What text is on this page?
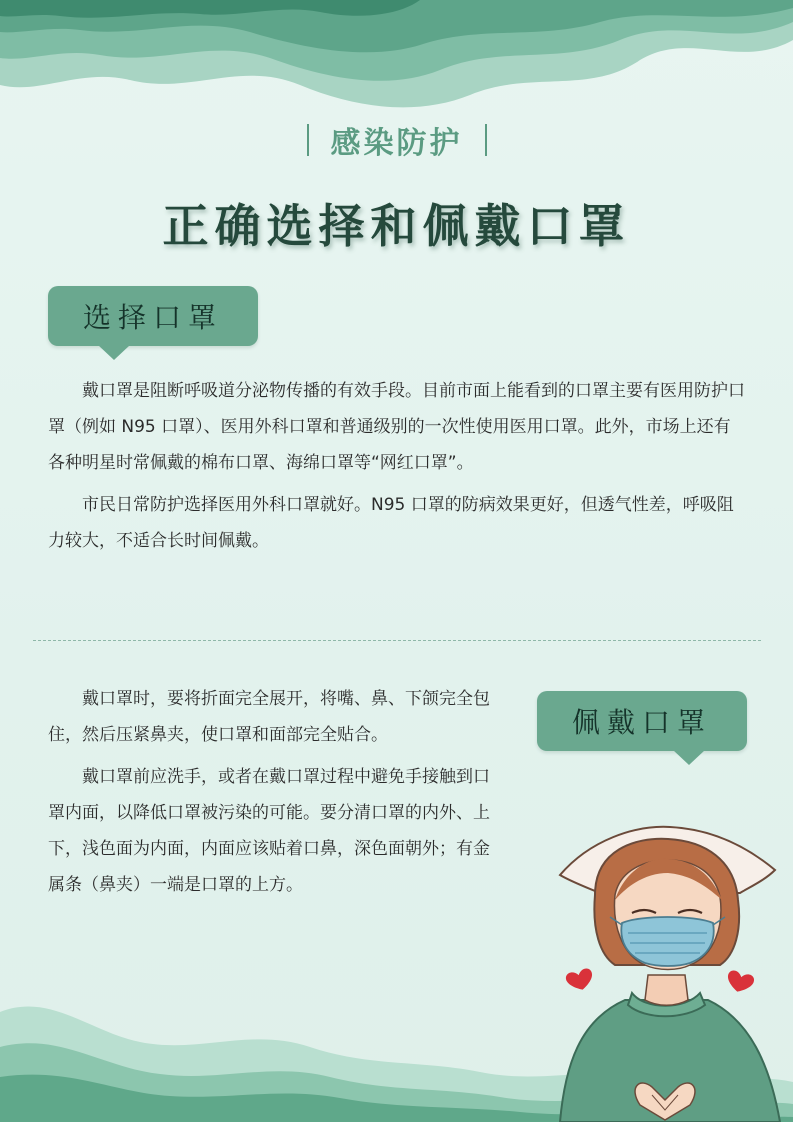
感染防护
正确选择和佩戴口罩
选择口罩

戴口罩是阻断呼吸道分泌物传播的有效手段。目前市面上能看到的口罩主要有医用防护口罩（例如 N95 口罩）、医用外科口罩和普通级别的一次性使用医用口罩。此外，市场上还有各种明星时常佩戴的棉布口罩、海绵口罩等“网红口罩”。

市民日常防护选择医用外科口罩就好。N95 口罩的防病效果更好，但透气性差，呼吸阻力较大，不适合长时间佩戴。

戴口罩时，要将折面完全展开，将嘴、鼻、下颌完全包住，然后压紧鼻夹，使口罩和面部完全贴合。

戴口罩前应洗手，或者在戴口罩过程中避免手接触到口罩内面，以降低口罩被污染的可能。要分清口罩的内外、上下，浅色面为内面，内面应该贴着口鼻，深色面朝外；有金属条（鼻夹）一端是口罩的上方。

佩戴口罩
